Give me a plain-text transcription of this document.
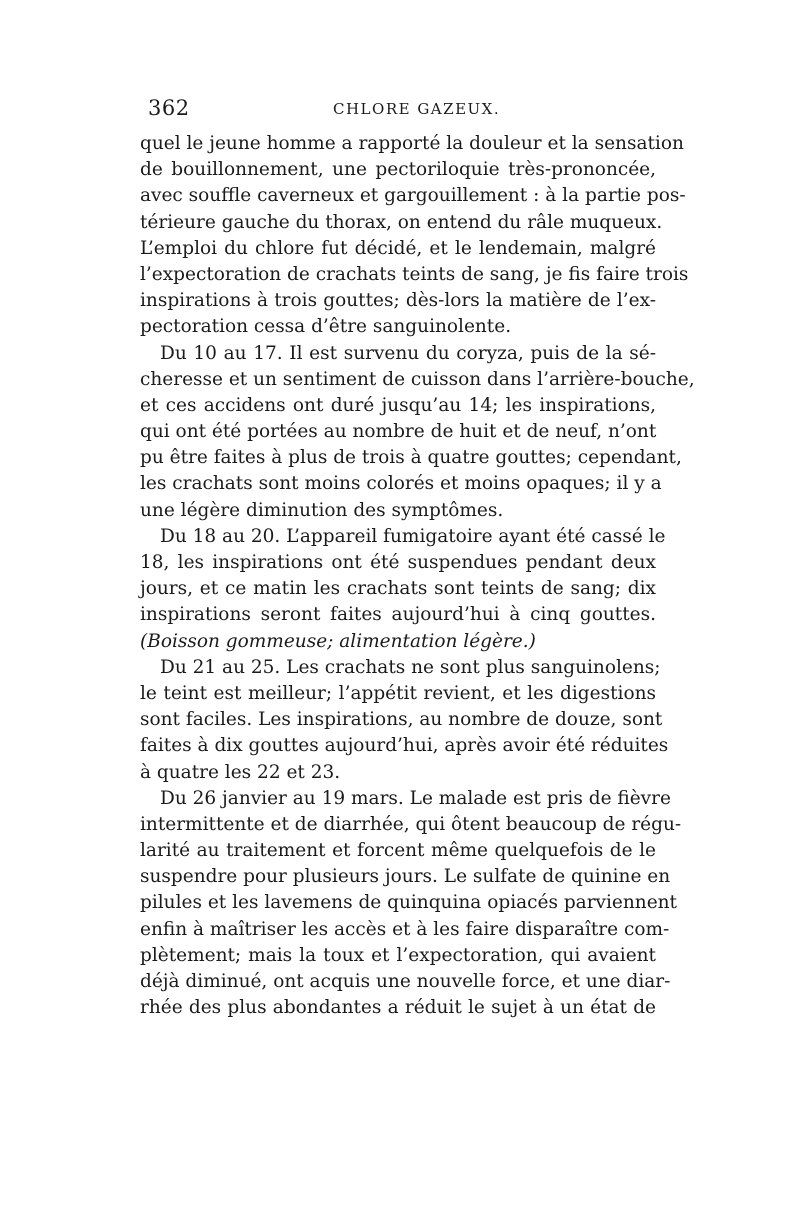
362	CHLORE GAZEUX.
quel le jeune homme a rapporté la douleur et la sensation
de bouillonnement, une pectoriloquie très-prononcée,
avec souffle caverneux et gargouillement : à la partie pos-
térieure gauche du thorax, on entend du râle muqueux.
L’emploi du chlore fut décidé, et le lendemain, malgré
l’expectoration de crachats teints de sang, je fis faire trois
inspirations à trois gouttes; dès-lors la matière de l’ex-
pectoration cessa d’être sanguinolente.
Du 10 au 17. Il est survenu du coryza, puis de la sé-
cheresse et un sentiment de cuisson dans l’arrière-bouche,
et ces accidens ont duré jusqu’au 14; les inspirations,
qui ont été portées au nombre de huit et de neuf, n’ont
pu être faites à plus de trois à quatre gouttes; cependant,
les crachats sont moins colorés et moins opaques; il y a
une légère diminution des symptômes.
Du 18 au 20. L’appareil fumigatoire ayant été cassé le
18, les inspirations ont été suspendues pendant deux
jours, et ce matin les crachats sont teints de sang; dix
inspirations seront faites aujourd’hui à cinq gouttes.
(Boisson gommeuse; alimentation légère.)
Du 21 au 25. Les crachats ne sont plus sanguinolens;
le teint est meilleur; l’appétit revient, et les digestions
sont faciles. Les inspirations, au nombre de douze, sont
faites à dix gouttes aujourd’hui, après avoir été réduites
à quatre les 22 et 23.
Du 26 janvier au 19 mars. Le malade est pris de fièvre
intermittente et de diarrhée, qui ôtent beaucoup de régu-
larité au traitement et forcent même quelquefois de le
suspendre pour plusieurs jours. Le sulfate de quinine en
pilules et les lavemens de quinquina opiacés parviennent
enfin à maîtriser les accès et à les faire disparaître com-
plètement; mais la toux et l’expectoration, qui avaient
déjà diminué, ont acquis une nouvelle force, et une diar-
rhée des plus abondantes a réduit le sujet à un état de
